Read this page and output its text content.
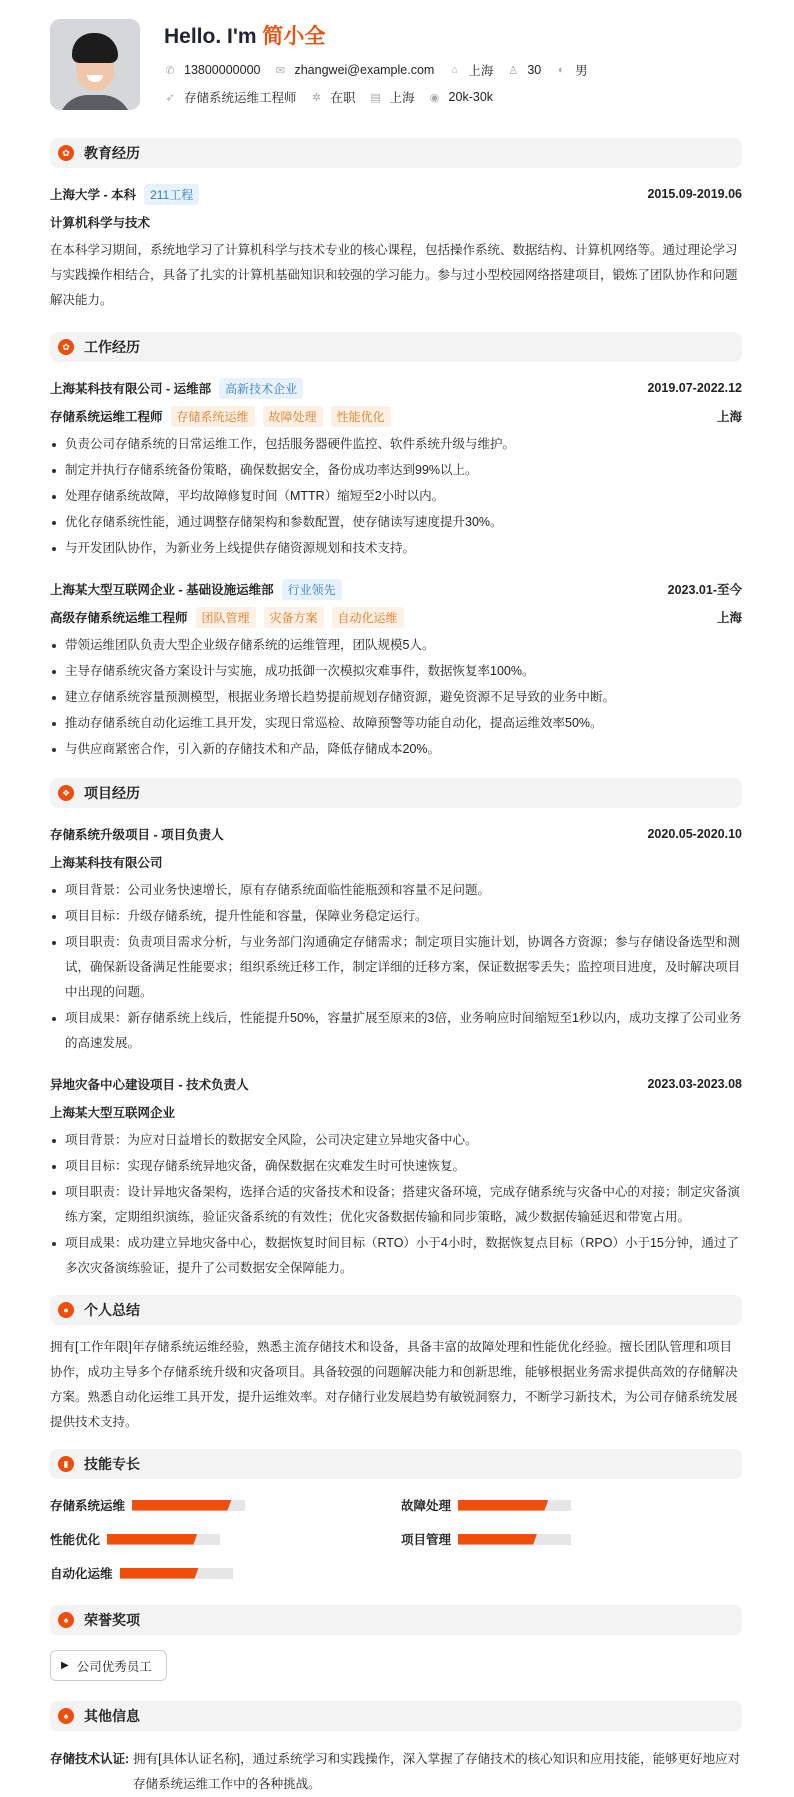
Hello. I'm 简小全
✆ 13800000000 ✉ zhangwei@example.com ⌂ 上海 ♙ 30 ◐ 男
➶ 存储系统运维工程师 ✲ 在职 ▤ 上海 ◉ 20k-30k
✿	教育经历
上海大学 - 本科	211工程	2015.09-2019.06
计算机科学与技术
在本科学习期间，系统地学习了计算机科学与技术专业的核心课程，包括操作系统、数据结构、计算机网络等。通过理论学习与实践操作相结合，具备了扎实的计算机基础知识和较强的学习能力。参与过小型校园网络搭建项目，锻炼了团队协作和问题解决能力。
✿	工作经历
上海某科技有限公司 - 运维部	高新技术企业	2019.07-2022.12
存储系统运维工程师	存储系统运维	故障处理	性能优化	上海
负责公司存储系统的日常运维工作，包括服务器硬件监控、软件系统升级与维护。
制定并执行存储系统备份策略，确保数据安全，备份成功率达到99%以上。
处理存储系统故障，平均故障修复时间（MTTR）缩短至2小时以内。
优化存储系统性能，通过调整存储架构和参数配置，使存储读写速度提升30%。
与开发团队协作，为新业务上线提供存储资源规划和技术支持。
上海某大型互联网企业 - 基础设施运维部	行业领先	2023.01-至今
高级存储系统运维工程师	团队管理	灾备方案	自动化运维	上海
带领运维团队负责大型企业级存储系统的运维管理，团队规模5人。
主导存储系统灾备方案设计与实施，成功抵御一次模拟灾难事件，数据恢复率100%。
建立存储系统容量预测模型，根据业务增长趋势提前规划存储资源，避免资源不足导致的业务中断。
推动存储系统自动化运维工具开发，实现日常巡检、故障预警等功能自动化，提高运维效率50%。
与供应商紧密合作，引入新的存储技术和产品，降低存储成本20%。
❖ 项目经历
存储系统升级项目 - 项目负责人	2020.05-2020.10
上海某科技有限公司
项目背景：公司业务快速增长，原有存储系统面临性能瓶颈和容量不足问题。
项目目标：升级存储系统，提升性能和容量，保障业务稳定运行。
项目职责：负责项目需求分析，与业务部门沟通确定存储需求；制定项目实施计划，协调各方资源；参与存储设备选型和测试，确保新设备满足性能要求；组织系统迁移工作，制定详细的迁移方案，保证数据零丢失；监控项目进度，及时解决项目中出现的问题。
项目成果：新存储系统上线后，性能提升50%，容量扩展至原来的3倍，业务响应时间缩短至1秒以内，成功支撑了公司业务的高速发展。
异地灾备中心建设项目 - 技术负责人	2023.03-2023.08
上海某大型互联网企业
项目背景：为应对日益增长的数据安全风险，公司决定建立异地灾备中心。
项目目标：实现存储系统异地灾备，确保数据在灾难发生时可快速恢复。
项目职责：设计异地灾备架构，选择合适的灾备技术和设备；搭建灾备环境，完成存储系统与灾备中心的对接；制定灾备演练方案，定期组织演练，验证灾备系统的有效性；优化灾备数据传输和同步策略，减少数据传输延迟和带宽占用。
项目成果：成功建立异地灾备中心，数据恢复时间目标（RTO）小于4小时，数据恢复点目标（RPO）小于15分钟，通过了多次灾备演练验证，提升了公司数据安全保障能力。
●	个人总结
拥有[工作年限]年存储系统运维经验，熟悉主流存储技术和设备，具备丰富的故障处理和性能优化经验。擅长团队管理和项目协作，成功主导多个存储系统升级和灾备项目。具备较强的问题解决能力和创新思维，能够根据业务需求提供高效的存储解决方案。熟悉自动化运维工具开发，提升运维效率。对存储行业发展趋势有敏锐洞察力，不断学习新技术，为公司存储系统发展提供技术支持。
▮	技能专长
存储系统运维	故障处理
性能优化	项目管理
自动化运维
♠	荣誉奖项
▶ 公司优秀员工
♠	其他信息
存储技术认证: 拥有[具体认证名称]，通过系统学习和实践操作，深入掌握了存储技术的核心知识和应用技能，能够更好地应对存储系统运维工作中的各种挑战。
